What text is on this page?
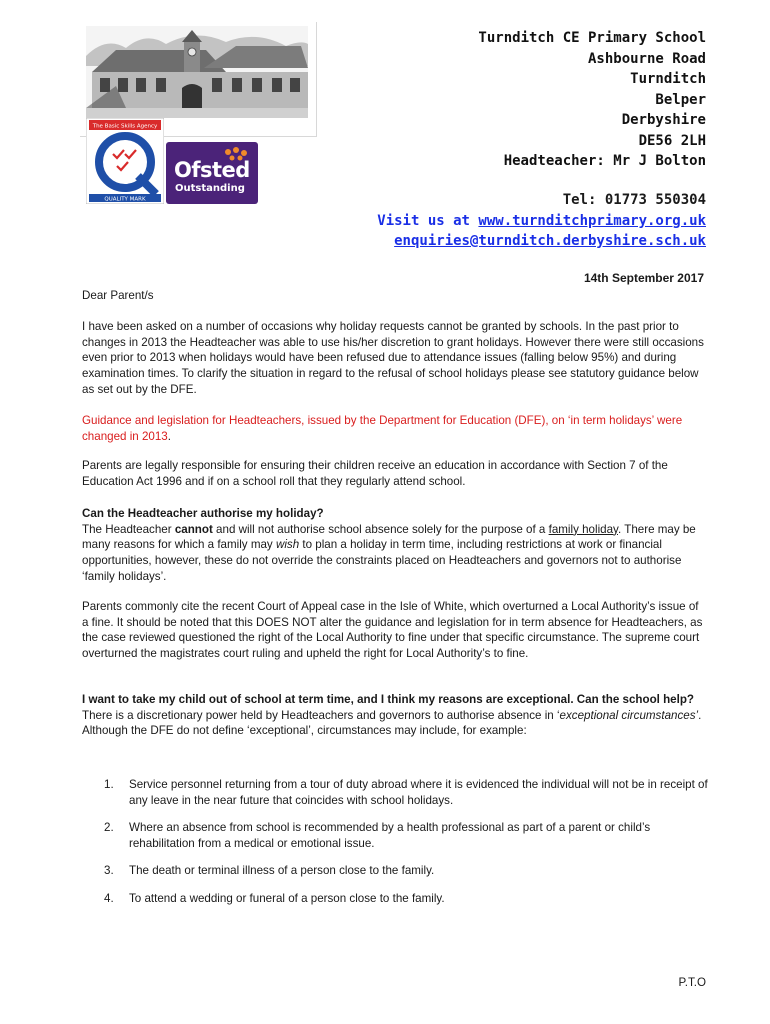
The Basic Skills Agency
QUALITY MARK
Ofsted
Outstanding
Turnditch CE Primary School
Ashbourne Road
Turnditch
Belper
Derbyshire
DE56 2LH
Headteacher: Mr J Bolton
Tel: 01773 550304
Visit us at www.turnditchprimary.org.uk
enquiries@turnditch.derbyshire.sch.uk
14th September 2017

Dear Parent/s

I have been asked on a number of occasions why holiday requests cannot be granted by schools. In the past prior to changes in 2013 the Headteacher was able to use his/her discretion to grant holidays. However there were still occasions even prior to 2013 when holidays would have been refused due to attendance issues (falling below 95%) and during examination times. To clarify the situation in regard to the refusal of school holidays please see statutory guidance below as set out by the DFE.

Guidance and legislation for Headteachers, issued by the Department for Education (DFE), on ‘in term holidays’ were changed in 2013.

Parents are legally responsible for ensuring their children receive an education in accordance with Section 7 of the Education Act 1996 and if on a school roll that they regularly attend school.

Can the Headteacher authorise my holiday?

The Headteacher cannot and will not authorise school absence solely for the purpose of a family holiday. There may be many reasons for which a family may wish to plan a holiday in term time, including restrictions at work or financial opportunities, however, these do not override the constraints placed on Headteachers and governors not to authorise ‘family holidays’.

Parents commonly cite the recent Court of Appeal case in the Isle of White, which overturned a Local Authority’s issue of a fine. It should be noted that this DOES NOT alter the guidance and legislation for in term absence for Headteachers, as the case reviewed questioned the right of the Local Authority to fine under that specific circumstance. The supreme court overturned the magistrates court ruling and upheld the right for Local Authority’s to fine.

I want to take my child out of school at term time, and I think my reasons are exceptional. Can the school help?

There is a discretionary power held by Headteachers and governors to authorise absence in ‘exceptional circumstances’. Although the DFE do not define ‘exceptional’, circumstances may include, for example:

1. Service personnel returning from a tour of duty abroad where it is evidenced the individual will not be in receipt of any leave in the near future that coincides with school holidays.
2. Where an absence from school is recommended by a health professional as part of a parent or child’s rehabilitation from a medical or emotional issue.
3. The death or terminal illness of a person close to the family.
4. To attend a wedding or funeral of a person close to the family.
P.T.O
